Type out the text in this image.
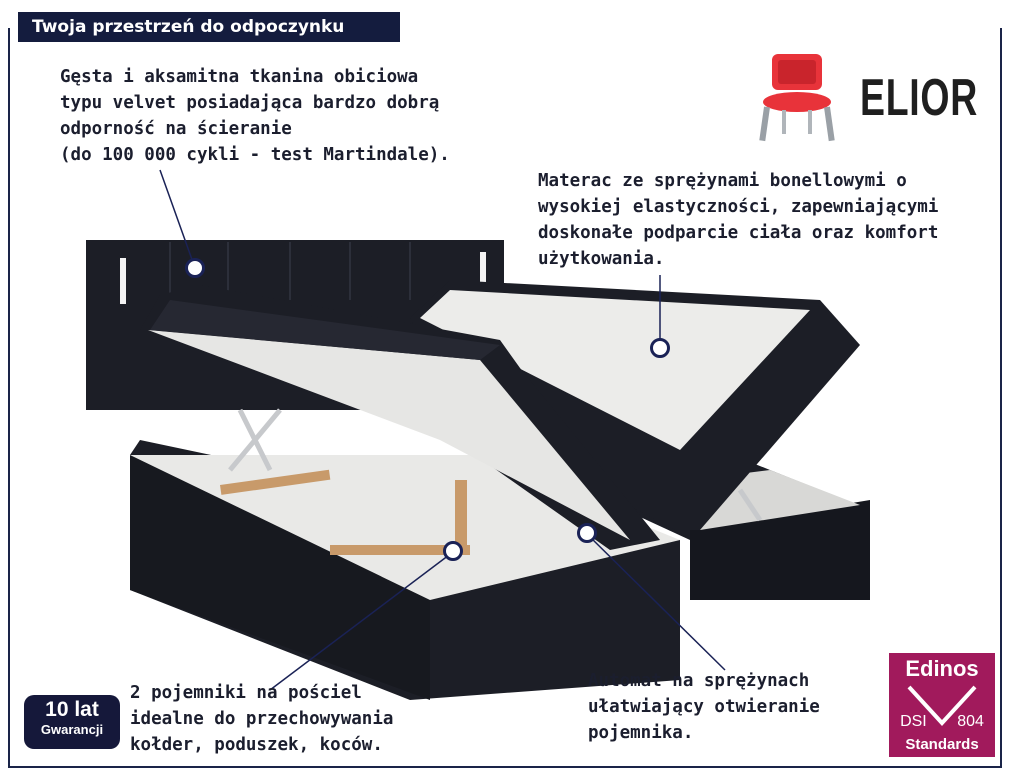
Twoja przestrzeń do odpoczynku
ELIOR
Gęsta i aksamitna tkanina obiciowa
typu velvet posiadająca bardzo dobrą
odporność na ścieranie
(do 100 000 cykli - test Martindale).
Materac ze sprężynami bonellowymi o
wysokiej elastyczności, zapewniającymi
doskonałe podparcie ciała oraz komfort
użytkowania.
2 pojemniki na pościel
idealne do przechowywania
kołder, poduszek, koców.
Automat na sprężynach
ułatwiający otwieranie
pojemnika.
10 lat
Gwarancji
Edinos
DSI 804
Standards
